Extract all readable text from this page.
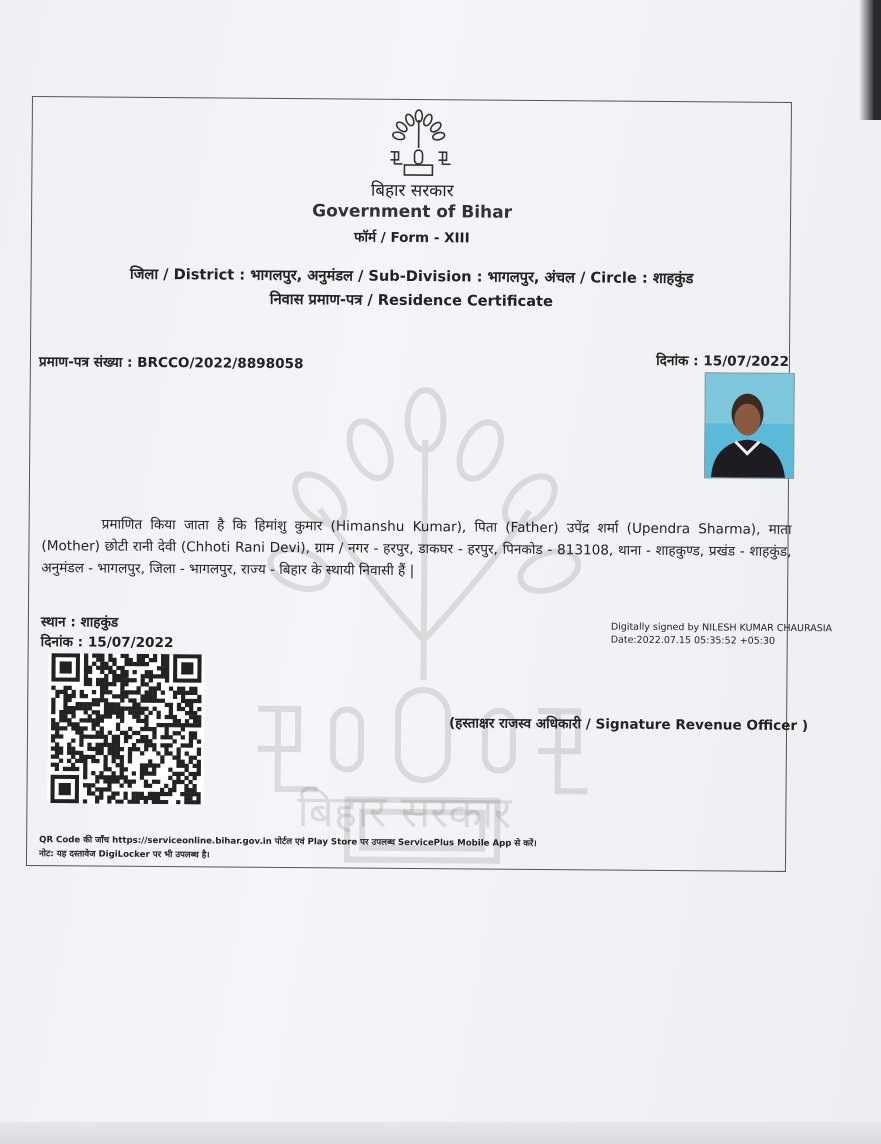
बिहार सरकार
बिहार सरकार
Government of Bihar
फॉर्म / Form - XIII
जिला / District : भागलपुर, अनुमंडल / Sub-Division : भागलपुर, अंचल / Circle : शाहकुंड
निवास प्रमाण-पत्र / Residence Certificate
प्रमाण-पत्र संख्या : BRCCO/2022/8898058	दिनांक : 15/07/2022
प्रमाणित किया जाता है कि हिमांशु कुमार (Himanshu Kumar), पिता (Father) उपेंद्र शर्मा (Upendra Sharma), माता (Mother) छोटी रानी देवी (Chhoti Rani Devi), ग्राम / नगर - हरपुर, डाकघर - हरपुर, पिनकोड - 813108, थाना - शाहकुण्ड, प्रखंड - शाहकुंड, अनुमंडल - भागलपुर, जिला - भागलपुर, राज्य - बिहार के स्थायी निवासी हैं |
स्थान : शाहकुंड
दिनांक : 15/07/2022
Digitally signed by NILESH KUMAR CHAURASIA
Date:2022.07.15 05:35:52 +05:30
(हस्ताक्षर राजस्व अधिकारी / Signature Revenue Officer )
QR Code की जाँच https://serviceonline.bihar.gov.in पोर्टल एवं Play Store पर उपलब्ध ServicePlus Mobile App से करें।
नोट: यह दस्तावेज DigiLocker पर भी उपलब्ध है।
